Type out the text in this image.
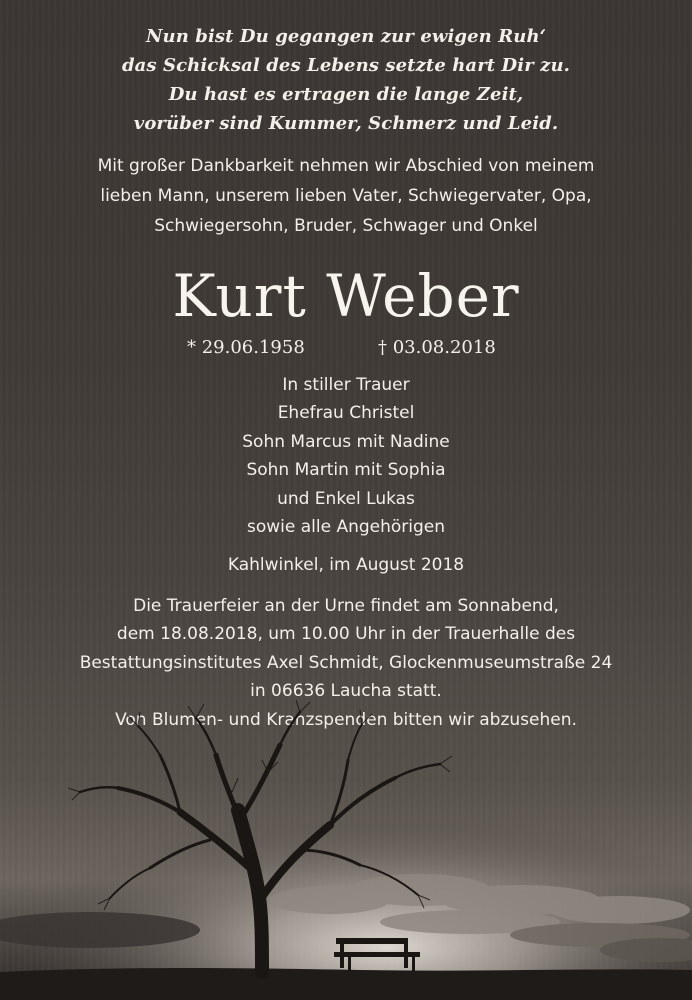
Nun bist Du gegangen zur ewigen Ruh‘
das Schicksal des Lebens setzte hart Dir zu.
Du hast es ertragen die lange Zeit,
vorüber sind Kummer, Schmerz und Leid.
Mit großer Dankbarkeit nehmen wir Abschied von meinem
lieben Mann, unserem lieben Vater, Schwiegervater, Opa,
Schwiegersohn, Bruder, Schwager und Onkel
Kurt Weber
* 29.06.1958	† 03.08.2018
In stiller Trauer
Ehefrau Christel
Sohn Marcus mit Nadine
Sohn Martin mit Sophia
und Enkel Lukas
sowie alle Angehörigen
Kahlwinkel, im August 2018
Die Trauerfeier an der Urne findet am Sonnabend,
dem 18.08.2018, um 10.00 Uhr in der Trauerhalle des
Bestattungsinstitutes Axel Schmidt, Glockenmuseumstraße 24
in 06636 Laucha statt.
Von Blumen- und Kranzspenden bitten wir abzusehen.
